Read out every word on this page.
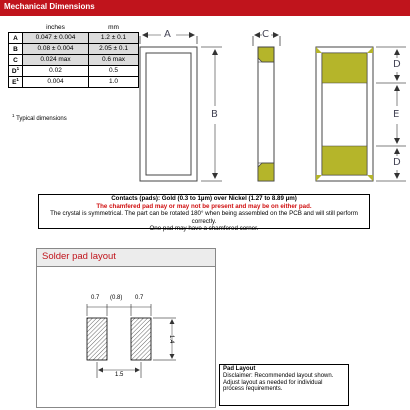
Mechanical Dimensions
	inches	mm
A	0.047 ± 0.004	1.2 ± 0.1
B	0.08 ± 0.004	2.05 ± 0.1
C	0.024 max	0.6 max
$D^1$	0.02	0.5
$E^1$	0.004	1.0
$^1$ Typical dimensions
A
B
C
D
E
D
Contacts (pads): Gold (0.3 to 1µm) over Nickel (1.27 to 8.89 µm)
The chamfered pad may or may not be present and may be on either pad.
The crystal is symmetrical. The part can be rotated 180° when being assembled on the PCB and will still perform correctly.
One pad may have a chamfered corner.
Solder pad layout
0.7 (0.8) 0.7
1.4
1.5
Pad Layout
Disclaimer: Recommended layout shown. Adjust layout as needed for individual process requirements.
